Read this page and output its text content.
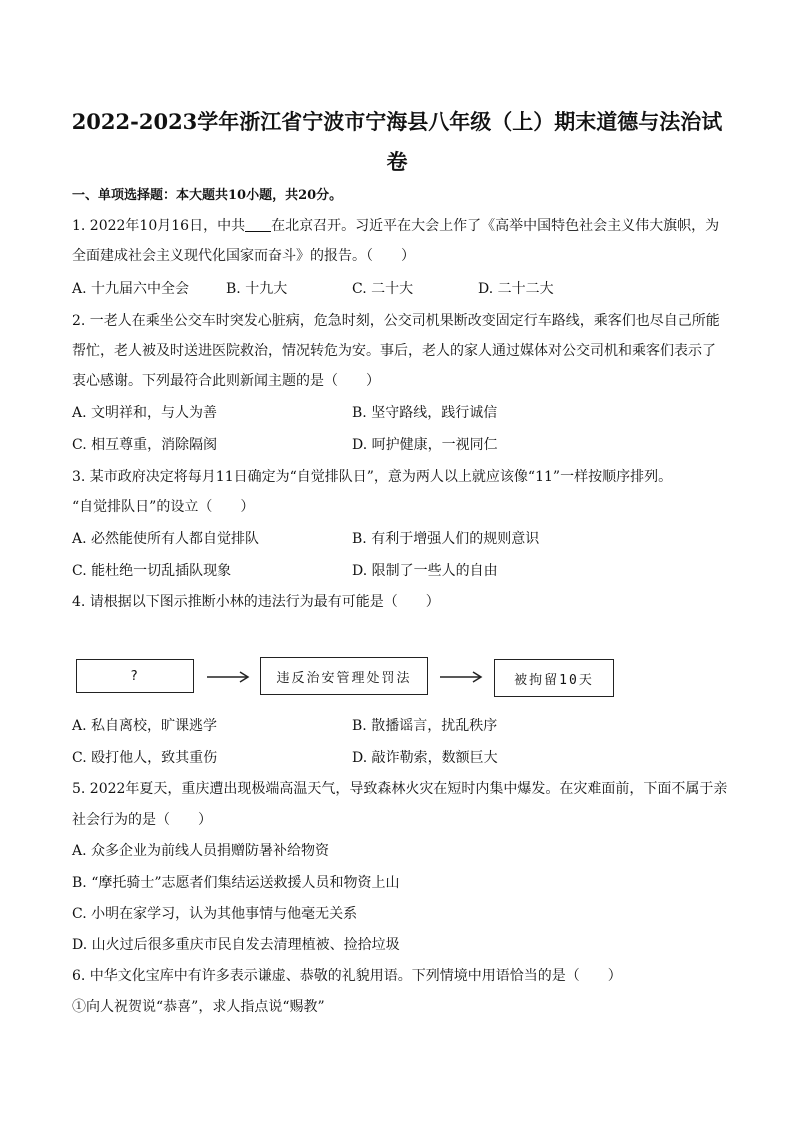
2022-2023学年浙江省宁波市宁海县八年级（上）期末道德与法治试
卷
一、单项选择题：本大题共10小题，共20分。
1. 2022年10月16日，中共 在北京召开。习近平在大会上作了《高举中国特色社会主义伟大旗帜，为
全面建成社会主义现代化国家而奋斗》的报告。（　　）
A. 十九届六中全会	B. 十九大	C. 二十大	D. 二十二大
2. 一老人在乘坐公交车时突发心脏病，危急时刻，公交司机果断改变固定行车路线，乘客们也尽自己所能
帮忙，老人被及时送进医院救治，情况转危为安。事后，老人的家人通过媒体对公交司机和乘客们表示了
衷心感谢。下列最符合此则新闻主题的是（　　）
A. 文明祥和，与人为善	B. 坚守路线，践行诚信
C. 相互尊重，消除隔阂	D. 呵护健康，一视同仁
3. 某市政府决定将每月11日确定为“自觉排队日”，意为两人以上就应该像“11”一样按顺序排列。
“自觉排队日”的设立（　　）
A. 必然能使所有人都自觉排队	B. 有利于增强人们的规则意识
C. 能杜绝一切乱插队现象	D. 限制了一些人的自由
4. 请根据以下图示推断小林的违法行为最有可能是（　　）
?	违反治安管理处罚法	被拘留10天
A. 私自离校，旷课逃学	B. 散播谣言，扰乱秩序
C. 殴打他人，致其重伤	D. 敲诈勒索，数额巨大
5. 2022年夏天，重庆遭出现极端高温天气，导致森林火灾在短时内集中爆发。在灾难面前，下面不属于亲
社会行为的是（　　）
A. 众多企业为前线人员捐赠防暑补给物资
B. “摩托骑士”志愿者们集结运送救援人员和物资上山
C. 小明在家学习，认为其他事情与他毫无关系
D. 山火过后很多重庆市民自发去清理植被、捡拾垃圾
6. 中华文化宝库中有许多表示谦虚、恭敬的礼貌用语。下列情境中用语恰当的是（　　）
①向人祝贺说“恭喜”，求人指点说“赐教”
